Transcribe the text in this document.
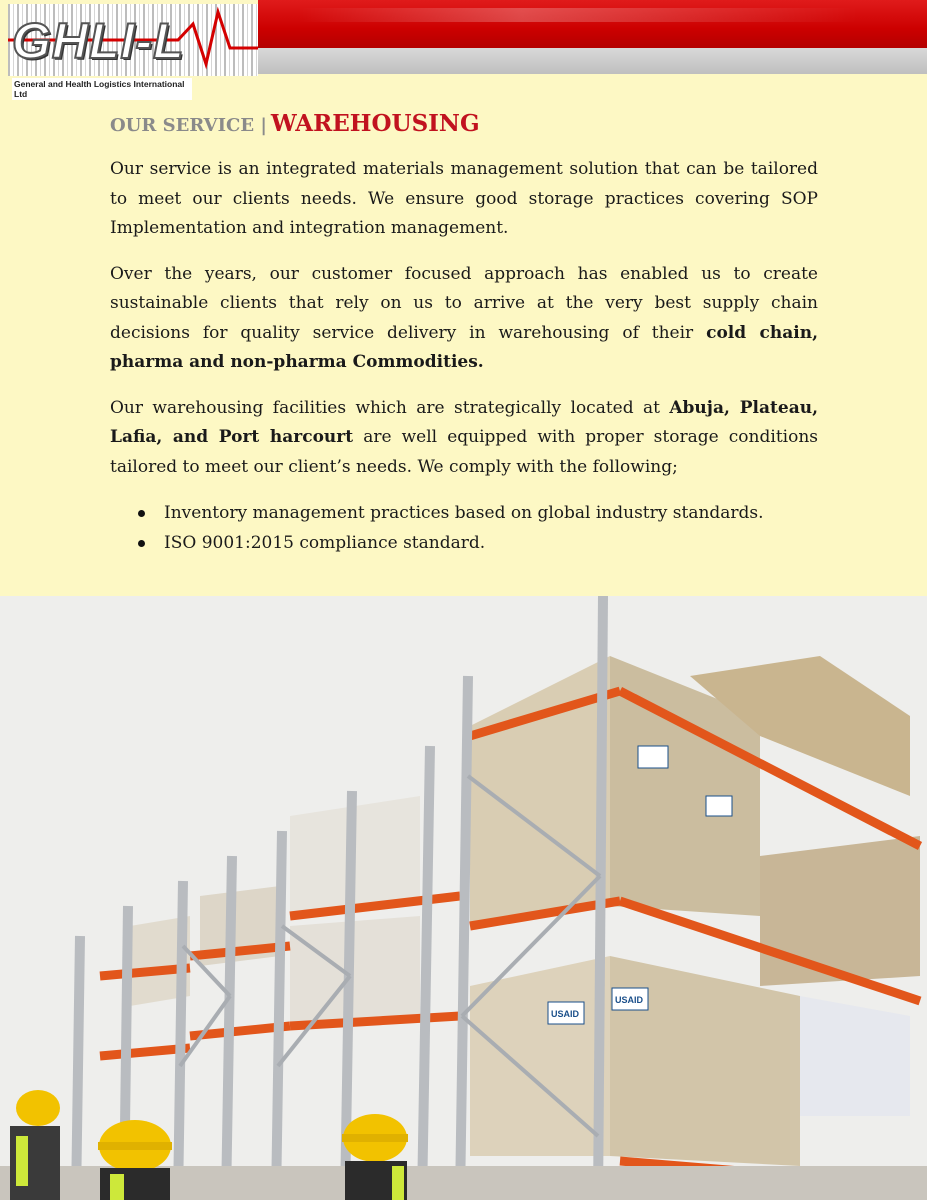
GHLI-L
General and Health Logistics International Ltd
OUR SERVICE | WAREHOUSING

Our service is an integrated materials management solution that can be tailored to meet our clients needs. We ensure good storage practices covering SOP Implementation and integration management.

Over the years, our customer focused approach has enabled us to create sustainable clients that rely on us to arrive at the very best supply chain decisions for quality service delivery in warehousing of their cold chain, pharma and non-pharma Commodities.

Our warehousing facilities which are strategically located at Abuja, Plateau, Lafia, and Port harcourt are well equipped with proper storage conditions tailored to meet our client’s needs. We comply with the following;

Inventory management practices based on global industry standards.
ISO 9001:2015 compliance standard.
USAID
USAID
